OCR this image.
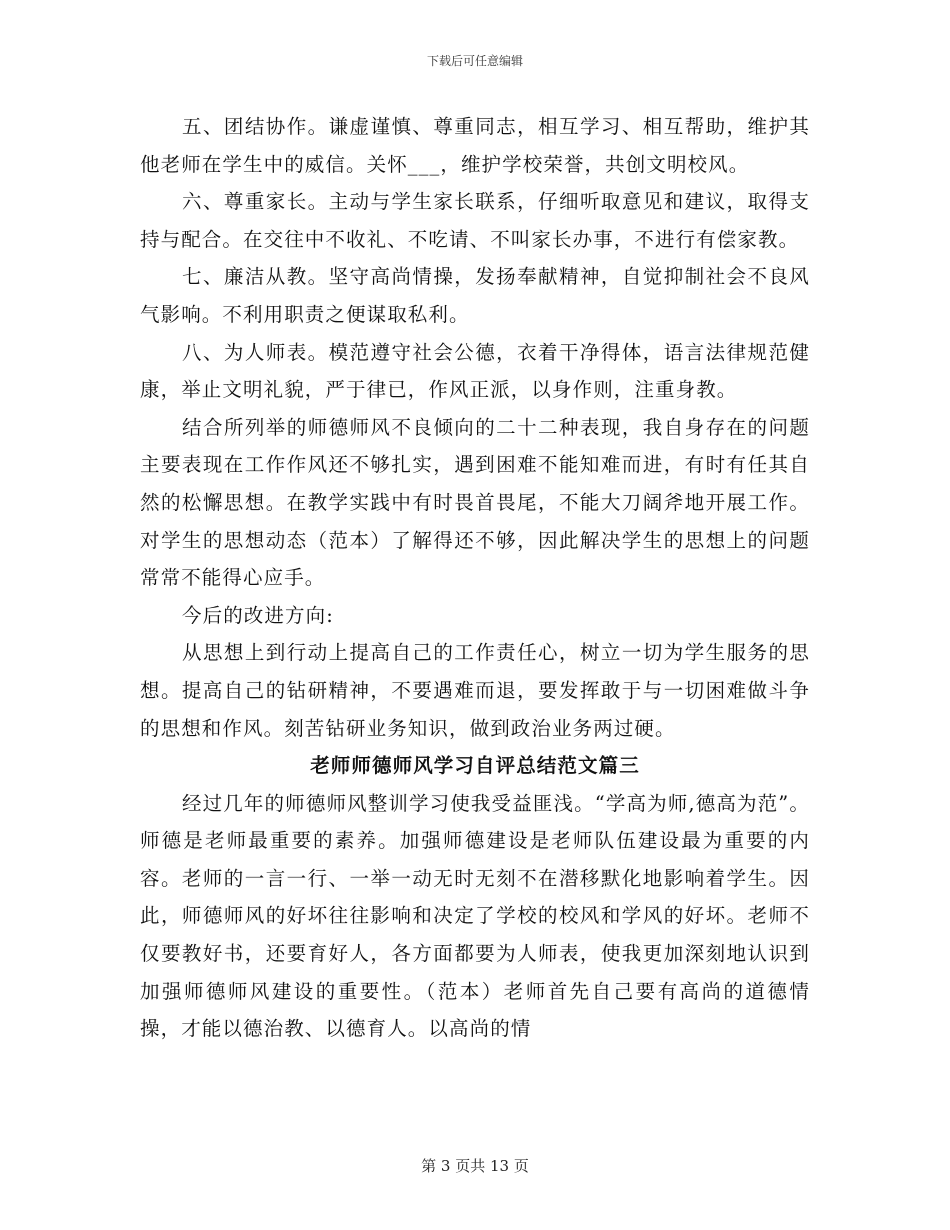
下载后可任意编辑

五、团结协作。谦虚谨慎、尊重同志，相互学习、相互帮助，维护其他老师在学生中的威信。关怀___，维护学校荣誉，共创文明校风。

六、尊重家长。主动与学生家长联系，仔细听取意见和建议，取得支持与配合。在交往中不收礼、不吃请、不叫家长办事，不进行有偿家教。

七、廉洁从教。坚守高尚情操，发扬奉献精神，自觉抑制社会不良风气影响。不利用职责之便谋取私利。

八、为人师表。模范遵守社会公德，衣着干净得体，语言法律规范健康，举止文明礼貌，严于律已，作风正派，以身作则，注重身教。

结合所列举的师德师风不良倾向的二十二种表现，我自身存在的问题主要表现在工作作风还不够扎实，遇到困难不能知难而进，有时有任其自然的松懈思想。在教学实践中有时畏首畏尾，不能大刀阔斧地开展工作。对学生的思想动态（范本）了解得还不够，因此解决学生的思想上的问题常常不能得心应手。

今后的改进方向:

从思想上到行动上提高自己的工作责任心，树立一切为学生服务的思想。提高自己的钻研精神，不要遇难而退，要发挥敢于与一切困难做斗争的思想和作风。刻苦钻研业务知识，做到政治业务两过硬。

老师师德师风学习自评总结范文篇三

经过几年的师德师风整训学习使我受益匪浅。“学高为师,德高为范”。师德是老师最重要的素养。加强师德建设是老师队伍建设最为重要的内容。老师的一言一行、一举一动无时无刻不在潜移默化地影响着学生。因此，师德师风的好坏往往影响和决定了学校的校风和学风的好坏。老师不仅要教好书，还要育好人，各方面都要为人师表，使我更加深刻地认识到加强师德师风建设的重要性。（范本）老师首先自己要有高尚的道德情操，才能以德治教、以德育人。以高尚的情

第 3 页共 13 页
